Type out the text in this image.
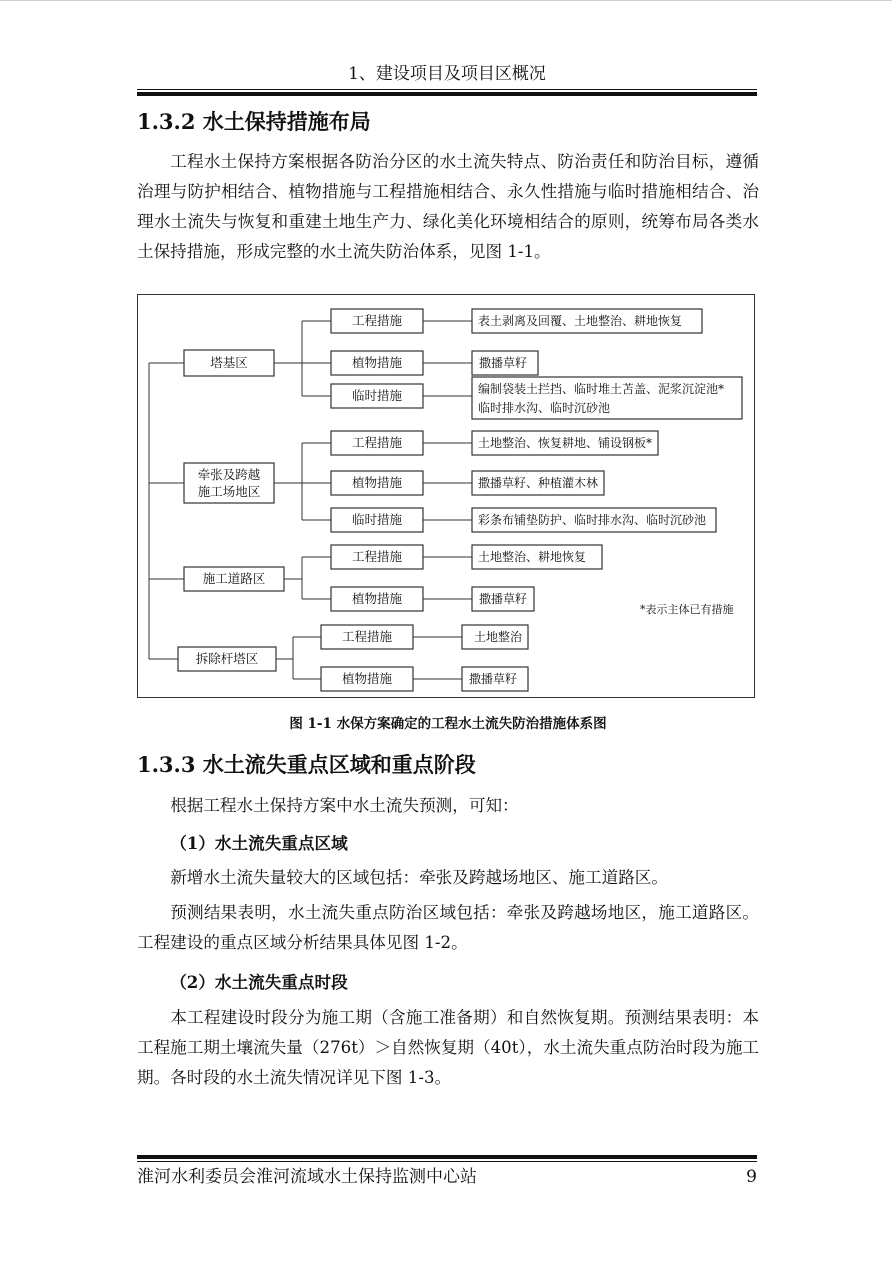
1、建设项目及项目区概况
1.3.2 水土保持措施布局

工程水土保持方案根据各防治分区的水土流失特点、防治责任和防治目标，遵循治理与防护相结合、植物措施与工程措施相结合、永久性措施与临时措施相结合、治理水土流失与恢复和重建土地生产力、绿化美化环境相结合的原则，统筹布局各类水土保持措施，形成完整的水土流失防治体系，见图 1-1。

塔基区
牵张及跨越
施工场地区
施工道路区
拆除杆塔区
工程措施
植物措施
临时措施
工程措施
植物措施
临时措施
工程措施
植物措施
工程措施
植物措施
表土剥离及回覆、土地整治、耕地恢复
撒播草籽
编制袋装土拦挡、临时堆土苫盖、泥浆沉淀池*
临时排水沟、临时沉砂池
土地整治、恢复耕地、铺设钢板*
撒播草籽、种植灌木林
彩条布铺垫防护、临时排水沟、临时沉砂池
土地整治、耕地恢复
撒播草籽
土地整治
撒播草籽
*表示主体已有措施
图 1-1 水保方案确定的工程水土流失防治措施体系图
1.3.3 水土流失重点区域和重点阶段
根据工程水土保持方案中水土流失预测，可知：
（1）水土流失重点区域
新增水土流失量较大的区域包括：牵张及跨越场地区、施工道路区。

预测结果表明，水土流失重点防治区域包括：牵张及跨越场地区，施工道路区。工程建设的重点区域分析结果具体见图 1-2。

（2）水土流失重点时段

本工程建设时段分为施工期（含施工准备期）和自然恢复期。预测结果表明：本工程施工期土壤流失量（276t）＞自然恢复期（40t），水土流失重点防治时段为施工期。各时段的水土流失情况详见下图 1-3。

淮河水利委员会淮河流域水土保持监测中心站	9
